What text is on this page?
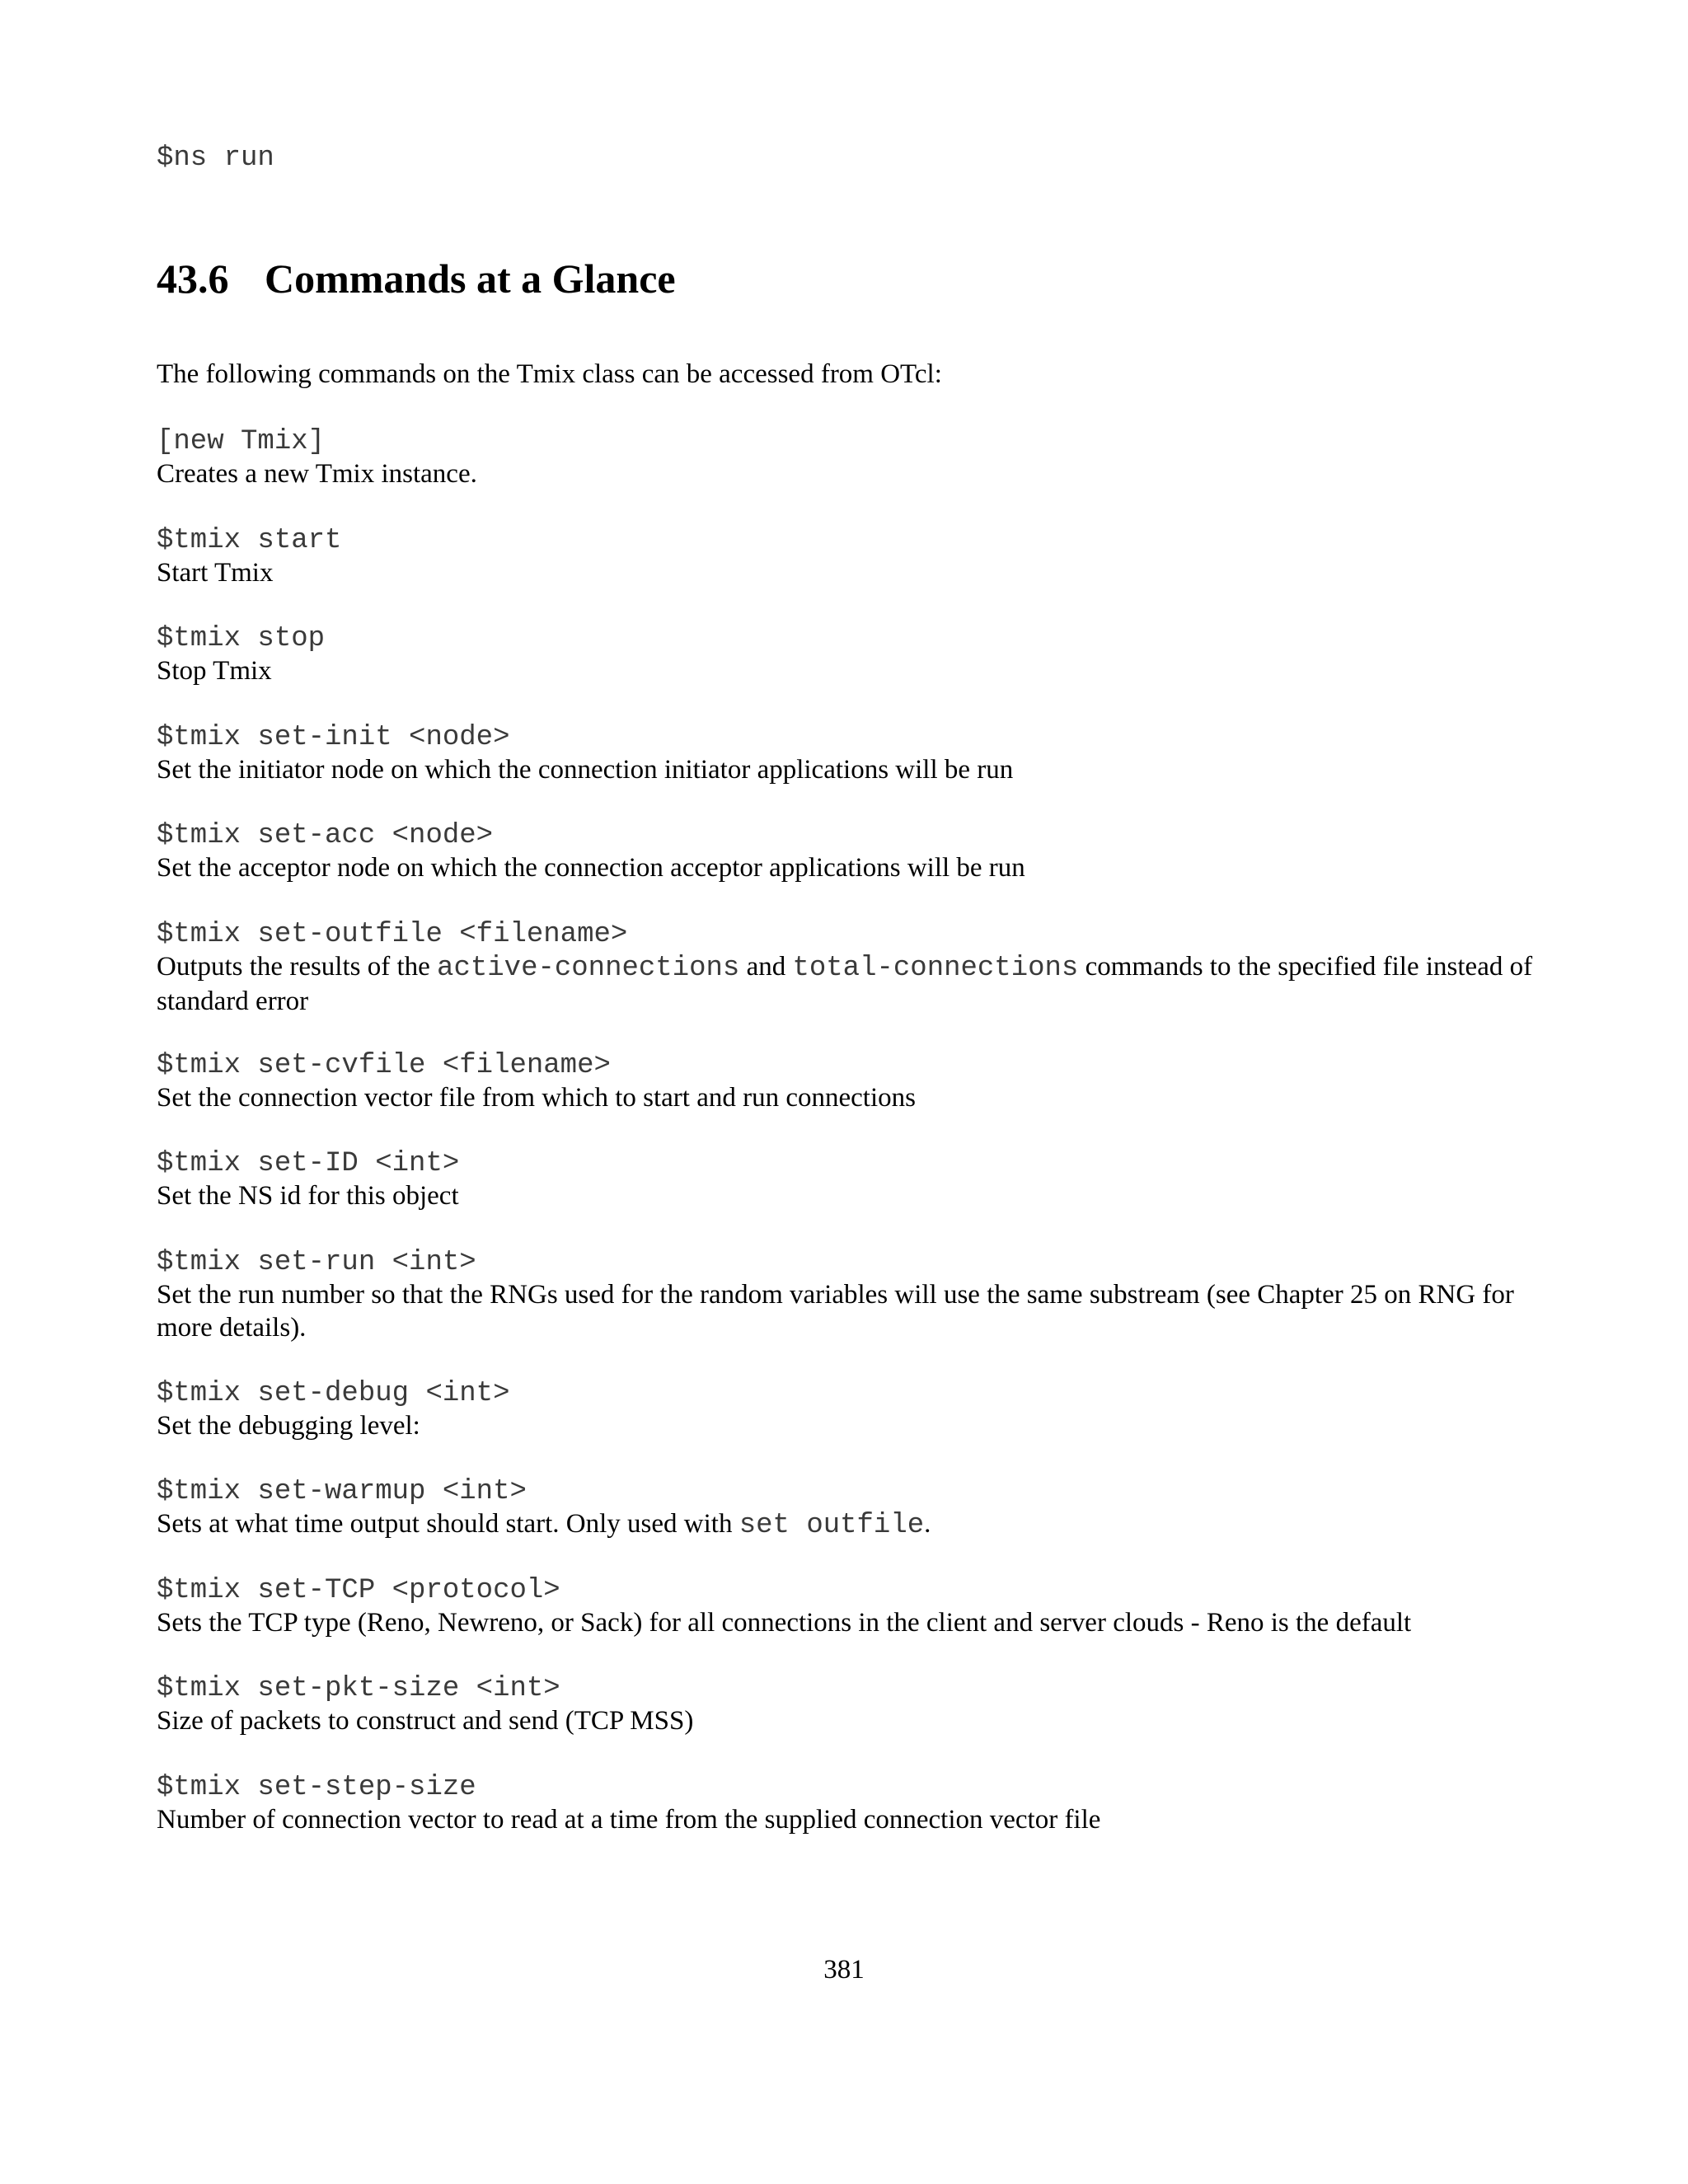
$ns run

43.6 Commands at a Glance

The following commands on the Tmix class can be accessed from OTcl:

[new Tmix]

Creates a new Tmix instance.

$tmix start

Start Tmix

$tmix stop

Stop Tmix

$tmix set-init <node>

Set the initiator node on which the connection initiator applications will be run

$tmix set-acc <node>

Set the acceptor node on which the connection acceptor applications will be run

$tmix set-outfile <filename>

Outputs the results of the active-connections and total-connections commands to the specified file instead of standard error

$tmix set-cvfile <filename>

Set the connection vector file from which to start and run connections

$tmix set-ID <int>

Set the NS id for this object

$tmix set-run <int>

Set the run number so that the RNGs used for the random variables will use the same substream (see Chapter 25 on RNG for more details).

$tmix set-debug <int>

Set the debugging level:

$tmix set-warmup <int>

Sets at what time output should start. Only used with set outfile.

$tmix set-TCP <protocol>

Sets the TCP type (Reno, Newreno, or Sack) for all connections in the client and server clouds - Reno is the default

$tmix set-pkt-size <int>

Size of packets to construct and send (TCP MSS)

$tmix set-step-size

Number of connection vector to read at a time from the supplied connection vector file

381
